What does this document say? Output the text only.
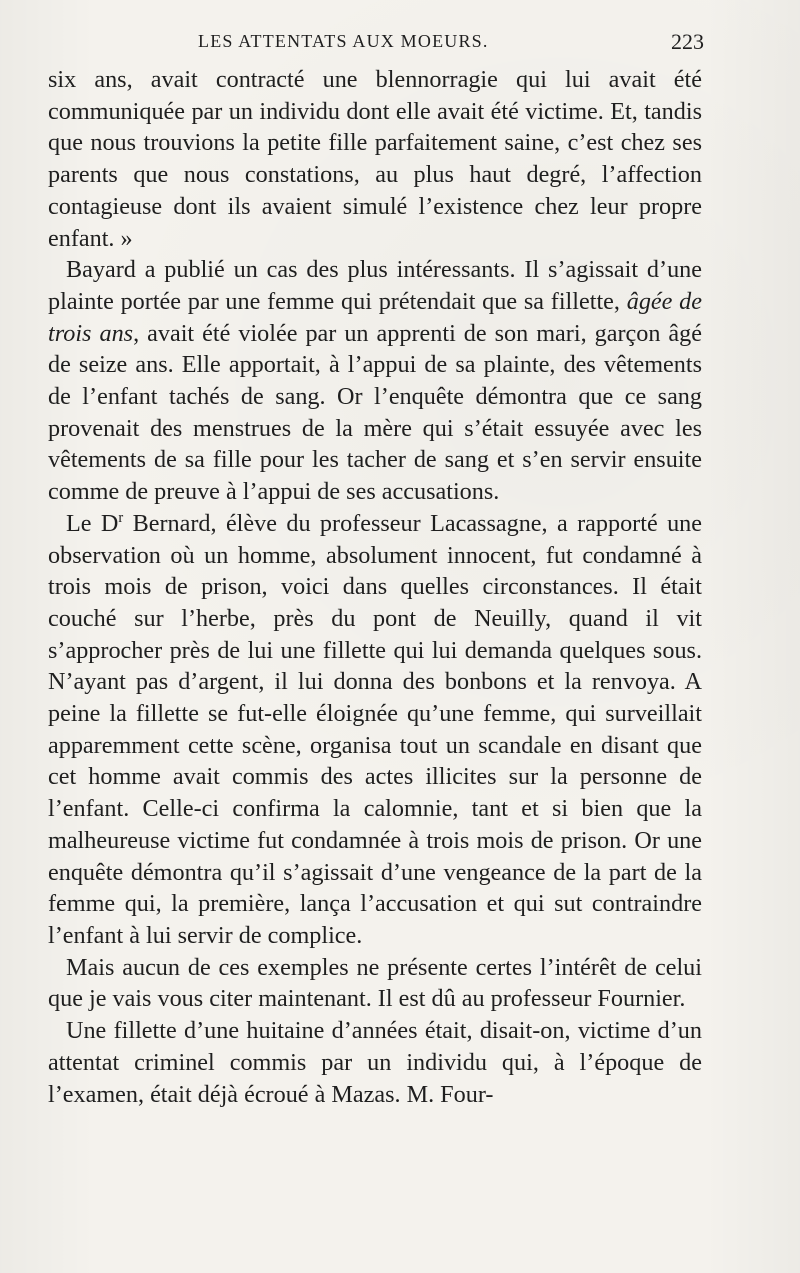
LES ATTENTATS AUX MOEURS.	223

six ans, avait contracté une blennorragie qui lui avait été communiquée par un individu dont elle avait été victime. Et, tandis que nous trouvions la petite fille parfaitement saine, c’est chez ses parents que nous constations, au plus haut degré, l’affection contagieuse dont ils avaient simulé l’existence chez leur propre enfant. »

Bayard a publié un cas des plus intéressants. Il s’agissait d’une plainte portée par une femme qui prétendait que sa fillette, âgée de trois ans, avait été violée par un apprenti de son mari, garçon âgé de seize ans. Elle apportait, à l’appui de sa plainte, des vêtements de l’enfant tachés de sang. Or l’enquête démontra que ce sang provenait des menstrues de la mère qui s’était essuyée avec les vêtements de sa fille pour les tacher de sang et s’en servir ensuite comme de preuve à l’appui de ses accusations.

Le $D^r$ Bernard, élève du professeur Lacassagne, a rapporté une observation où un homme, absolument innocent, fut condamné à trois mois de prison, voici dans quelles circonstances. Il était couché sur l’herbe, près du pont de Neuilly, quand il vit s’approcher près de lui une fillette qui lui demanda quelques sous. N’ayant pas d’argent, il lui donna des bonbons et la renvoya. A peine la fillette se fut-elle éloignée qu’une femme, qui surveillait apparemment cette scène, organisa tout un scandale en disant que cet homme avait commis des actes illicites sur la personne de l’enfant. Celle-ci confirma la calomnie, tant et si bien que la malheureuse victime fut condamnée à trois mois de prison. Or une enquête démontra qu’il s’agissait d’une vengeance de la part de la femme qui, la première, lança l’accusation et qui sut contraindre l’enfant à lui servir de complice.

Mais aucun de ces exemples ne présente certes l’intérêt de celui que je vais vous citer maintenant. Il est dû au professeur Fournier.

Une fillette d’une huitaine d’années était, disait-on, victime d’un attentat criminel commis par un individu qui, à l’époque de l’examen, était déjà écroué à Mazas. M. Four-
